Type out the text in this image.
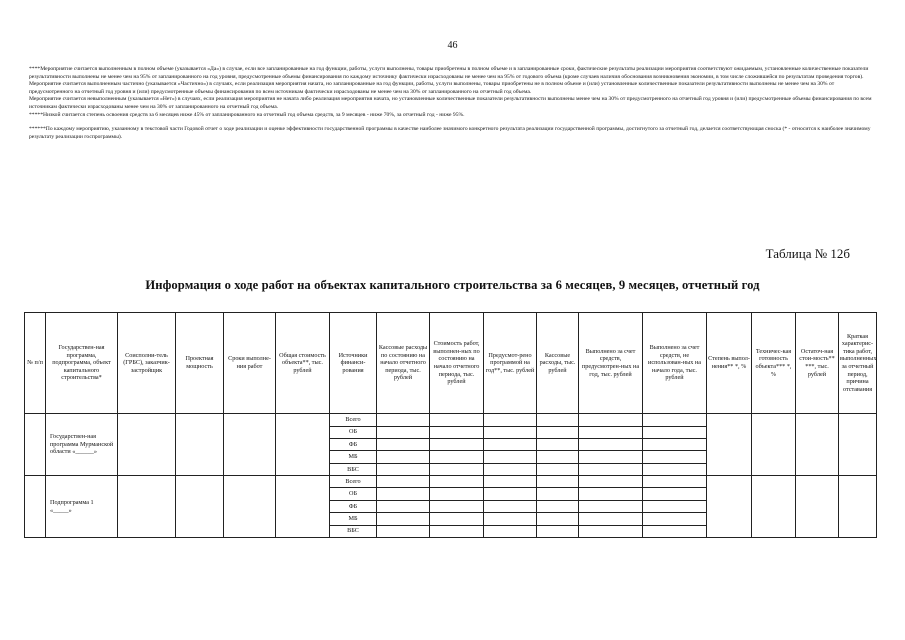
46

****Мероприятие считается выполненным в полном объеме (указывается «Да») в случае, если все запланированные на год функции, работы, услуги выполнены, товары приобретены в полном объеме и в запланированные сроки, фактические результаты реализации мероприятия соответствуют ожидаемым, установленные количественные показатели результативности выполнены не менее чем на 95% от запланированного на год уровня, предусмотренные объемы финансирования по каждому источнику фактически израсходованы не менее чем на 95% от годового объема (кроме случаев наличия обоснования возникновения экономии, в том числе сложившейся по результатам проведения торгов).

Мероприятие считается выполненным частично (указывается «Частично») в случаях, если реализация мероприятия начата, но запланированные на год функции, работы, услуги выполнены, товары приобретены не в полном объеме и (или) установленные количественные показатели результативности выполнены не менее чем на 30% от предусмотренного на отчетный год уровня и (или) предусмотренные объемы финансирования по всем источникам фактически израсходованы не менее чем на 30% от запланированного на отчетный год объема.

Мероприятие считается невыполненным (указывается «Нет») в случаях, если реализация мероприятия не начата либо реализация мероприятия начата, но установленные количественные показатели результативности выполнены менее чем на 30% от предусмотренного на отчетный год уровня и (или) предусмотренные объемы финансирования по всем источникам фактически израсходованы менее чем на 30% от запланированного на отчетный год объема.

*****Низкой считается степень освоения средств за 6 месяцев ниже 45% от запланированного на отчетный год объема средств, за 9 месяцев - ниже 70%, за отчетный год - ниже 95%.

******По каждому мероприятию, указанному в текстовой части Годовой отчет о ходе реализации и оценке эффективности государственной программы в качестве наиболее значимого конкретного результата реализации государственной программы, достигнутого за отчетный год, делается соответствующая сноска (* - относится к наиболее значимому результату реализации госпрограммы).

Таблица № 12б
Информация о ходе работ на объектах капитального строительства за 6 месяцев, 9 месяцев, отчетный год
№ п/п	Государствен-ная программа, подпрограмма, объект капитального строительства*	Соисполни-тель (ГРБС), заказчик-застройщик	Проектная мощность	Сроки выполне-ния работ	Общая стоимость объекта**, тыс. рублей	Источники финанси-рования	Кассовые расходы по состоянию на начало отчетного периода, тыс. рублей	Стоимость работ, выполнен-ных по состоянию на начало отчетного периода, тыс. рублей	Предусмот-рено программой на год**, тыс. рублей	Кассовые расходы, тыс. рублей	Выполнено за счет средств, предусмотрен-ных на год, тыс. рублей	Выполнено за счет средств, не использован-ных на начало года, тыс. рублей	Степень выпол-нения** *, %	Техничес-кая готовность объекта*** *, %	Остаточ-ная стои-мость** ***, тыс. рублей	Краткая характерис-тика работ, выполненных за отчетный период, причина отставания
	Государствен-ная программа Мурманской области «______»					Всего										
						ОБ										
						ФБ										
						МБ										
						ВБС										
	Подпрограмма 1 «_____»					Всего										
						ОБ										
						ФБ										
						МБ										
						ВБС										
